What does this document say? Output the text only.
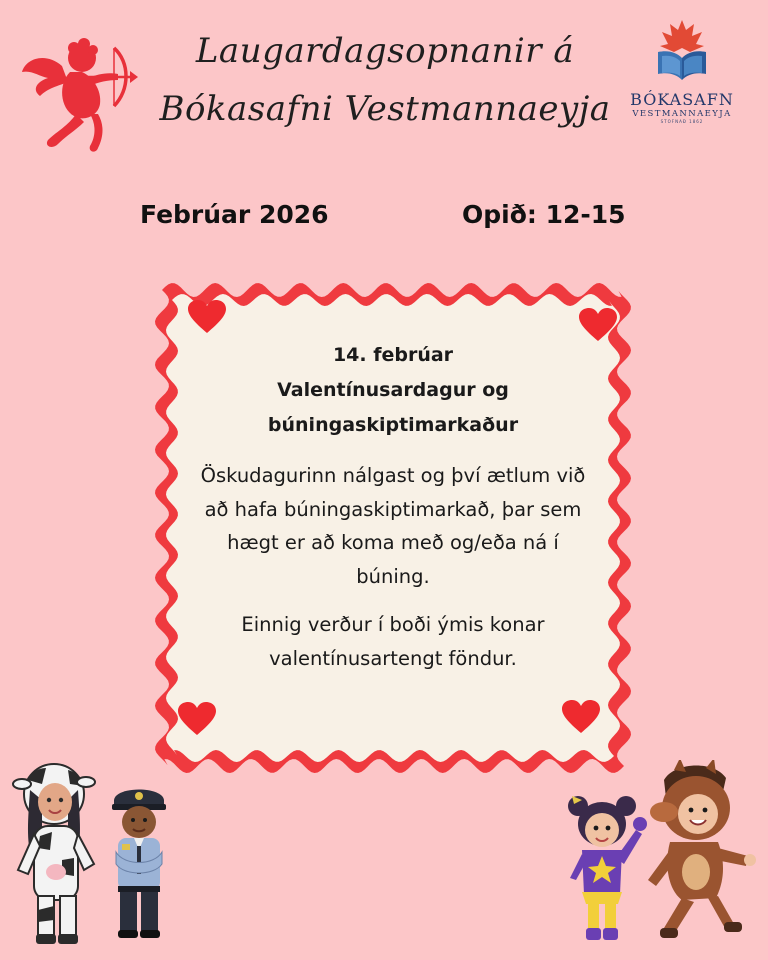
Laugardagsopnanir á
Bókasafni Vestmannaeyja	BÓKASAFN
VESTMANNAEYJA
STOFNAÐ 1862
Febrúar 2026	Opið: 12-15
14. febrúar
Valentínusardagur og
búningaskiptimarkaður
Öskudagurinn nálgast og því ætlum við
að hafa búningaskiptimarkað, þar sem
hægt er að koma með og/eða ná í
búning.
Einnig verður í boði ýmis konar
valentínusartengt föndur.
